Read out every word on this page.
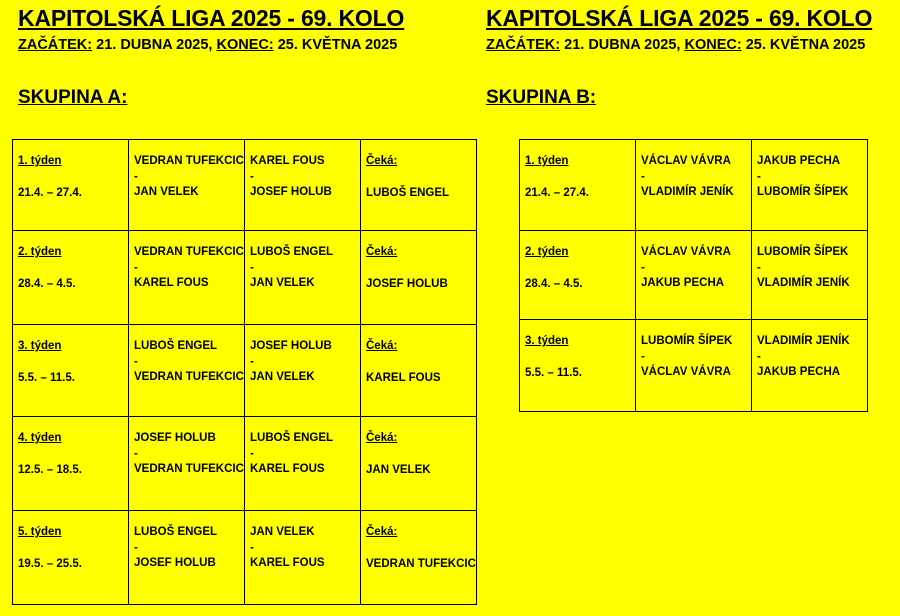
KAPITOLSKÁ LIGA 2025 - 69. KOLO
ZAČÁTEK: 21. DUBNA 2025, KONEC: 25. KVĚTNA 2025
SKUPINA A:
KAPITOLSKÁ LIGA 2025 - 69. KOLO
ZAČÁTEK: 21. DUBNA 2025, KONEC: 25. KVĚTNA 2025
SKUPINA B:
1. týden
21.4. – 27.4.	VEDRAN TUFEKCIC
-
JAN VELEK	KAREL FOUS
-
JOSEF HOLUB	Čeká:
LUBOŠ ENGEL

2. týden
28.4. – 4.5.	VEDRAN TUFEKCIC
-
KAREL FOUS	LUBOŠ ENGEL
-
JAN VELEK	Čeká:
JOSEF HOLUB

3. týden
5.5. – 11.5.	LUBOŠ ENGEL
-
VEDRAN TUFEKCIC	JOSEF HOLUB
-
JAN VELEK	Čeká:
KAREL FOUS

4. týden
12.5. – 18.5.	JOSEF HOLUB
-
VEDRAN TUFEKCIC	LUBOŠ ENGEL
-
KAREL FOUS	Čeká:
JAN VELEK

5. týden
19.5. – 25.5.	LUBOŠ ENGEL
-
JOSEF HOLUB	JAN VELEK
-
KAREL FOUS	Čeká:
VEDRAN TUFEKCIC
1. týden
21.4. – 27.4.	VÁCLAV VÁVRA
-
VLADIMÍR JENÍK	JAKUB PECHA
-
LUBOMÍR ŠÍPEK

2. týden
28.4. – 4.5.	VÁCLAV VÁVRA
-
JAKUB PECHA	LUBOMÍR ŠÍPEK
-
VLADIMÍR JENÍK

3. týden
5.5. – 11.5.	LUBOMÍR ŠÍPEK
-
VÁCLAV VÁVRA	VLADIMÍR JENÍK
-
JAKUB PECHA
